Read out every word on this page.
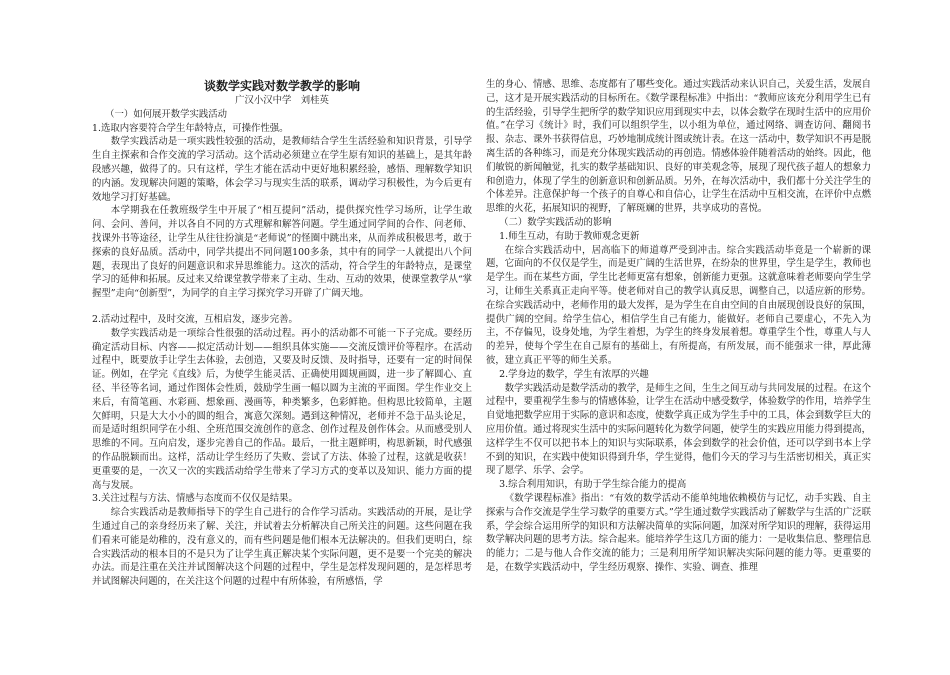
谈数学实践对数学教学的影响

广汉小汉中学　刘桂英

（一）如何展开数学实践活动

1.选取内容要符合学生年龄特点，可操作性强。

数学实践活动是一项实践性较强的活动，是教师结合学生生活经验和知识背景，引导学生自主探索和合作交流的学习活动。这个活动必须建立在学生原有知识的基础上，是其年龄段感兴趣，做得了的。只有这样，学生才能在活动中更好地积累经验，感悟、理解数学知识的内涵。发现解决问题的策略，体会学习与现实生活的联系，调动学习积极性，为今后更有效地学习打好基础。

本学期我在任教班级学生中开展了“相互提问”活动，提供探究性学习场所，让学生敢问、会问、善问，并以各自不同的方式理解和解答问题。学生通过同学间的合作、问老师、找课外书等途径，让学生从往往扮演是“老师说”的怪圈中跳出来，从而养成积极思考，敢于探索的良好品质。活动中，同学共提出不同问题100多条，其中有的同学一人就提出八个问题，表现出了良好的问题意识和求异思维能力。这次的活动，符合学生的年龄特点，是课堂学习的延伸和拓展。反过来又给课堂教学带来了主动、生动、互动的效果，使课堂教学从“掌握型”走向“创新型”，为同学的自主学习探究学习开辟了广阔天地。

2.活动过程中，及时交流，互相启发，逐步完善。

数学实践活动是一项综合性很强的活动过程。再小的活动都不可能一下子完成。要经历确定活动目标、内容——拟定活动计划——组织具体实施——交流反馈评价等程序。在活动过程中，既要放手让学生去体验，去创造，又要及时反馈、及时指导，还要有一定的时间保证。例如，在学完《直线》后，为使学生能灵活、正确使用圆规画圆，进一步了解圆心、直径、半径等名词，通过作图体会性质，鼓励学生画一幅以圆为主流的平面图。学生作业交上来后，有简笔画、水彩画、想象画、漫画等，种类繁多，色彩鲜艳。但构思比较简单，主题欠鲜明，只是大大小小的圆的组合，寓意欠深刻。遇到这种情况，老师并不急于品头论足，而是适时组织同学在小组、全班范围交流创作的意念、创作过程及创作体会。从而感受别人思维的不同。互向启发，逐步完善自己的作品。最后，一批主题鲜明，构思新颖，时代感强的作品脱颖而出。这样，活动让学生经历了失败、尝试了方法、体验了过程，这就是收获！更重要的是，一次又一次的实践活动给学生带来了学习方式的变革以及知识、能力方面的提高与发展。

3.关注过程与方法、情感与态度而不仅仅是结果。

综合实践活动是教师指导下的学生自己进行的合作学习活动。实践活动的开展，是让学生通过自己的亲身经历来了解、关注，并试着去分析解决自己所关注的问题。这些问题在我们看来可能是幼稚的，没有意义的，而有些问题是他们根本无法解决的。但我们更明白，综合实践活动的根本目的不是只为了让学生真正解决某个实际问题，更不是要一个完美的解决办法。而是注重在关注并试图解决这个问题的过程中，学生是怎样发现问题的，是怎样思考并试图解决问题的，在关注这个问题的过程中有所体验，有所感悟，学

生的身心、情感、思维、态度都有了哪些变化。通过实践活动来认识自己，关爱生活，发展自己，这才是开展实践活动的目标所在。《数学课程标准》中指出：“教师应该充分利用学生已有的生活经验，引导学生把所学的数学知识应用到现实中去，以体会数学在现时生活中的应用价值。”在学习《统计》时，我们可以组织学生，以小组为单位，通过网络、调查访问、翻阅书报、杂志、课外书获得信息，巧妙地制成统计图或统计表。在这一活动中，数学知识不再是脱离生活的各种练习，而是充分体现实践活动的再创造。情感体验伴随着活动的始终。因此，他们敏锐的新闻触觉，扎实的数学基础知识、良好的审美观念等，展现了现代孩子超人的想象力和创造力，体现了学生的创新意识和创新品质。另外，在每次活动中，我们都十分关注学生的个体差异。注意保护每一个孩子的自尊心和自信心，让学生在活动中互相交流，在评价中点燃思维的火花，拓展知识的视野，了解斑斓的世界，共享成功的喜悦。

（二）数学实践活动的影响

1.师生互动，有助于教师观念更新

在综合实践活动中，居高临下的师道尊严受到冲击。综合实践活动毕竟是一个崭新的课题，它面向的不仅仅是学生，而是更广阔的生活世界，在纷杂的世界里，学生是学生，教师也是学生。而在某些方面，学生比老师更富有想象，创新能力更强。这就意味着老师要向学生学习，让师生关系真正走向平等。使老师对自己的教学认真反思，调整自己，以适应新的形势。在综合实践活动中，老师作用的最大发挥，是为学生在自由空间的自由展现创设良好的氛围，提供广阔的空间。给学生信心，相信学生自己有能力，能做好。老师自己要虚心，不先入为主，不存偏见，设身处地，为学生着想，为学生的终身发展着想。尊重学生个性，尊重人与人的差异，使每个学生在自己原有的基础上，有所提高，有所发展，而不能强求一律，厚此薄彼，建立真正平等的师生关系。

2.学身边的数学，学生有浓厚的兴趣

数学实践活动是数学活动的教学，是师生之间，生生之间互动与共同发展的过程。在这个过程中，要重视学生参与的情感体验，让学生在活动中感受数学，体验数学的作用，培养学生自觉地把数学应用于实际的意识和态度，使数学真正成为学生手中的工具，体会到数学巨大的应用价值。通过将现实生活中的实际问题转化为数学问题，使学生的实践应用能力得到提高，这样学生不仅可以把书本上的知识与实际联系，体会到数学的社会价值，还可以学到书本上学不到的知识，在实践中使知识得到升华，学生觉得，他们今天的学习与生活密切相关，真正实现了愿学、乐学、会学。

3.综合利用知识，有助于学生综合能力的提高

《数学课程标准》指出：“有效的数学活动不能单纯地依赖模仿与记忆，动手实践、自主探索与合作交流是学生学习数学的重要方式。”学生通过数学实践活动了解数学与生活的广泛联系，学会综合运用所学的知识和方法解决简单的实际问题，加深对所学知识的理解，获得运用数学解决问题的思考方法。综合起来。能培养学生这几方面的能力：一是收集信息、整理信息的能力；二是与他人合作交流的能力；三是利用所学知识解决实际问题的能力等。更重要的是，在数学实践活动中，学生经历观察、操作、实验、调查、推理
